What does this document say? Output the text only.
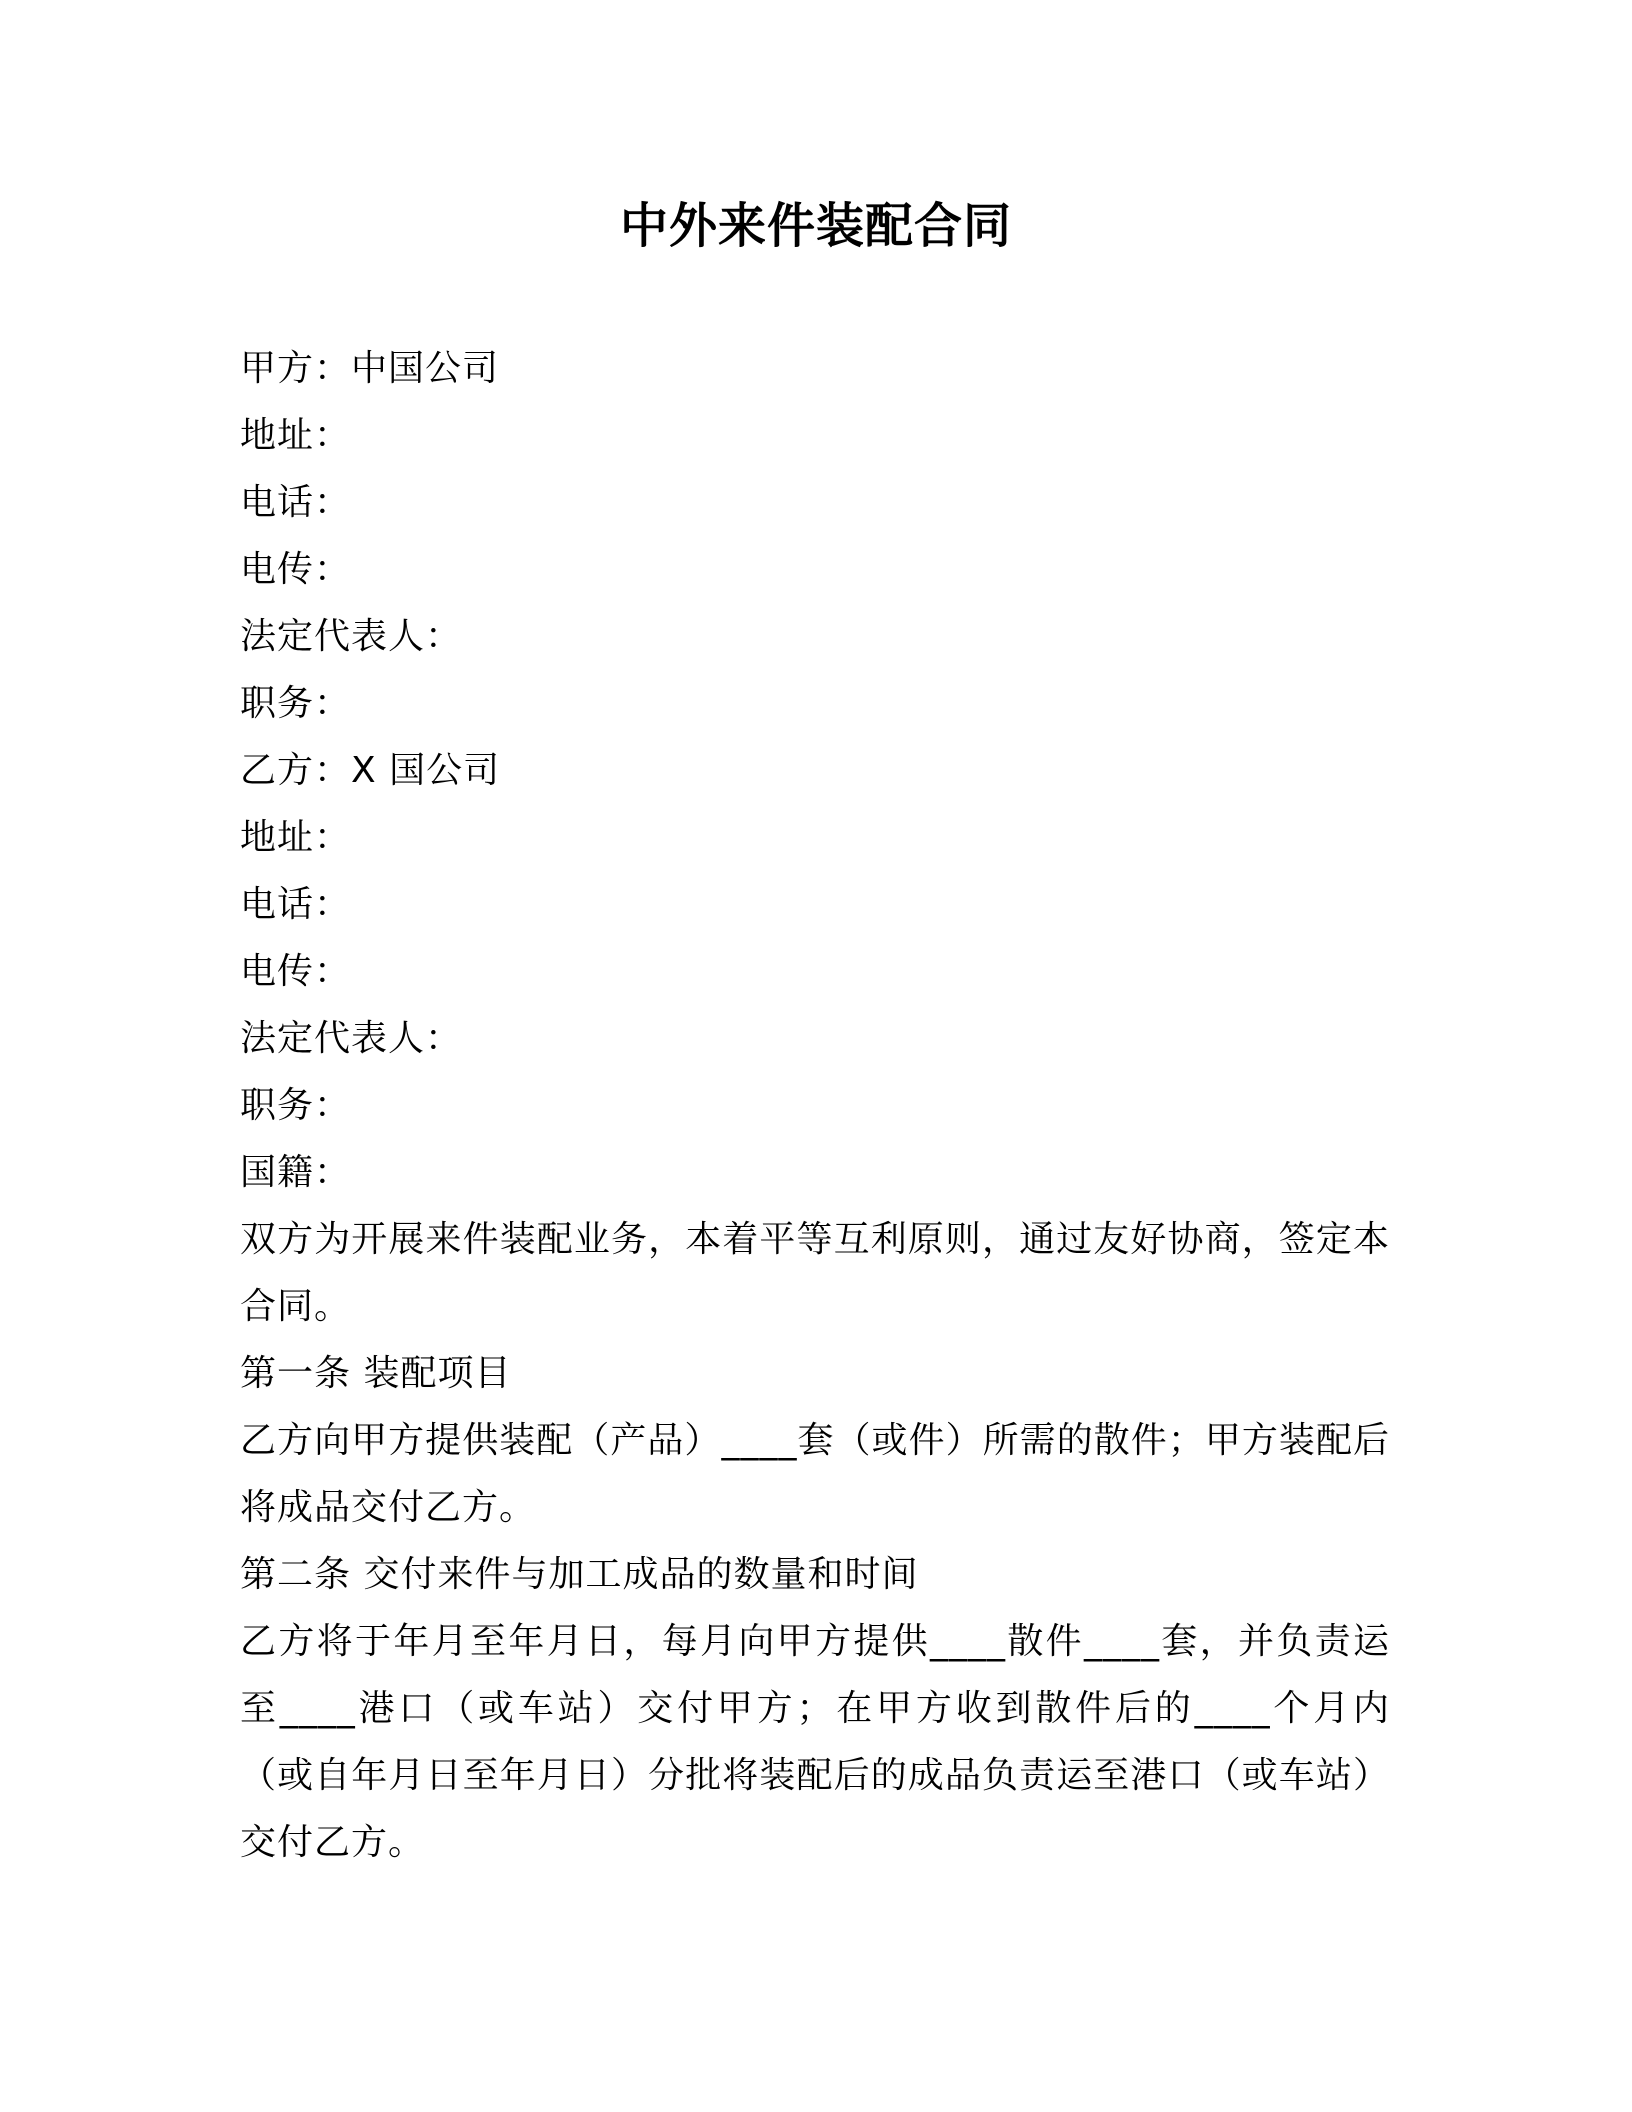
中外来件装配合同

甲方：中国公司

地址：

电话：

电传：

法定代表人：

职务：

乙方：X 国公司

地址：

电话：

电传：

法定代表人：

职务：

国籍：

双方为开展来件装配业务，本着平等互利原则，通过友好协商，签定本合同。

第一条 装配项目

乙方向甲方提供装配（产品）____套（或件）所需的散件；甲方装配后将成品交付乙方。

第二条 交付来件与加工成品的数量和时间

乙方将于年月至年月日，每月向甲方提供____散件____套，并负责运至____港口（或车站）交付甲方；在甲方收到散件后的____个月内（或自年月日至年月日）分批将装配后的成品负责运至港口（或车站）交付乙方。
